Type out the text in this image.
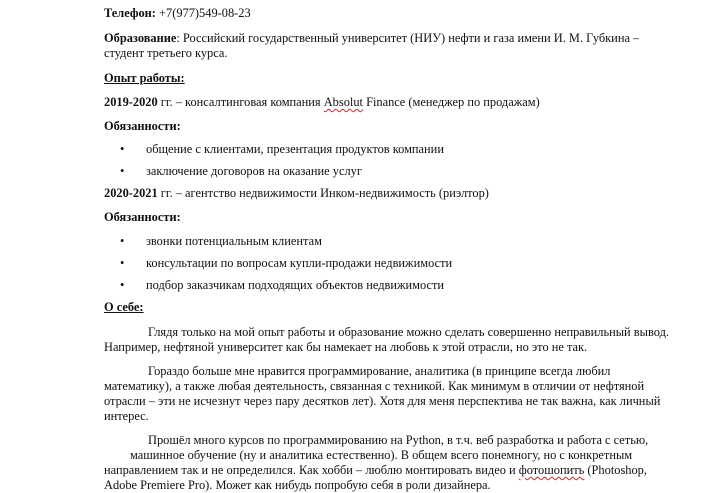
Телефон: +7(977)549-08-23
Образование: Российский государственный университет (НИУ) нефти и газа имени И. М. Губкина –
студент третьего курса.
Опыт работы:
2019-2020 гг. – консалтинговая компания Absolut Finance (менеджер по продажам)
Обязанности:
• общение с клиентами, презентация продуктов компании
• заключение договоров на оказание услуг
2020-2021 гг. – агентство недвижимости Инком-недвижимость (риэлтор)
Обязанности:
• звонки потенциальным клиентам
• консультации по вопросам купли-продажи недвижимости
• подбор заказчикам подходящих объектов недвижимости
О себе:
Глядя только на мой опыт работы и образование можно сделать совершенно неправильный вывод.
Например, нефтяной университет как бы намекает на любовь к этой отрасли, но это не так.
Гораздо больше мне нравится программирование, аналитика (в принципе всегда любил
математику), а также любая деятельность, связанная с техникой. Как минимум в отличии от нефтяной
отрасли – эти не исчезнут через пару десятков лет). Хотя для меня перспектива не так важна, как личный
интерес.
Прошёл много курсов по программированию на Python, в т.ч. веб разработка и работа с сетью,
машинное обучение (ну и аналитика естественно). В общем всего понемногу, но с конкретным
направлением так и не определился. Как хобби – люблю монтировать видео и фотошопить (Photoshop,
Adobe Premiere Pro). Может как нибудь попробую себя в роли дизайнера.
